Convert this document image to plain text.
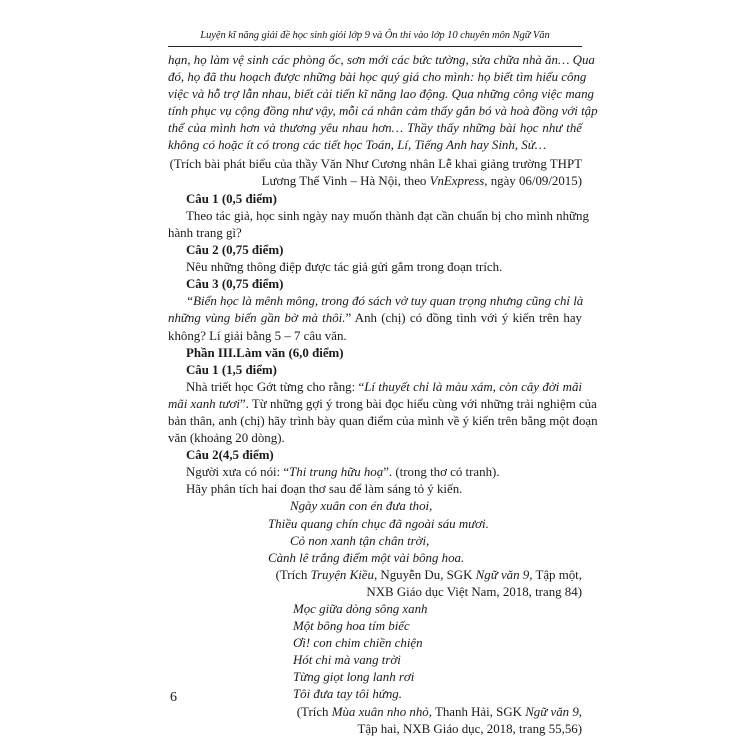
Luyện kĩ năng giải đề học sinh giỏi lớp 9 và Ôn thi vào lớp 10 chuyên môn Ngữ Văn
hạn, họ làm vệ sinh các phòng ốc, sơn mới các bức tường, sửa chữa nhà ăn… Qua
đó, họ đã thu hoạch được những bài học quý giá cho mình: họ biết tìm hiểu công
việc và hỗ trợ lẫn nhau, biết cải tiến kĩ năng lao động. Qua những công việc mang
tính phục vụ cộng đồng như vậy, mỗi cá nhân cảm thấy gắn bó và hoà đồng với tập
thể của mình hơn và thương yêu nhau hơn… Thầy thấy những bài học như thế
không có hoặc ít có trong các tiết học Toán, Lí, Tiếng Anh hay Sinh, Sử…
(Trích bài phát biểu của thầy Văn Như Cương nhân Lễ khai giảng trường THPT
Lương Thế Vinh – Hà Nội, theo VnExpress, ngày 06/09/2015)
Câu 1 (0,5 điểm)
Theo tác giả, học sinh ngày nay muốn thành đạt cần chuẩn bị cho mình những
hành trang gì?
Câu 2 (0,75 điểm)
Nêu những thông điệp được tác giả gửi gắm trong đoạn trích.
Câu 3 (0,75 điểm)
“Biển học là mênh mông, trong đó sách vở tuy quan trọng nhưng cũng chỉ là
những vùng biển gần bờ mà thôi.” Anh (chị) có đồng tình với ý kiến trên hay
không? Lí giải bằng 5 – 7 câu văn.
Phần III.Làm văn (6,0 điểm)
Câu 1 (1,5 điểm)
Nhà triết học Gớt từng cho rằng: “Lí thuyết chỉ là màu xám, còn cây đời mãi
mãi xanh tươi”. Từ những gợi ý trong bài đọc hiểu cùng với những trải nghiệm của
bản thân, anh (chị) hãy trình bày quan điểm của mình về ý kiến trên bằng một đoạn
văn (khoảng 20 dòng).
Câu 2(4,5 điểm)
Người xưa có nói: “Thi trung hữu hoạ”. (trong thơ có tranh).
Hãy phân tích hai đoạn thơ sau để làm sáng tỏ ý kiến.
Ngày xuân con én đưa thoi,
Thiều quang chín chục đã ngoài sáu mươi.
Cỏ non xanh tận chân trời,
Cành lê trắng điểm một vài bông hoa.
(Trích Truyện Kiều, Nguyễn Du, SGK Ngữ văn 9, Tập một,
NXB Giáo dục Việt Nam, 2018, trang 84)
Mọc giữa dòng sông xanh
Một bông hoa tím biếc
Ơi! con chim chiền chiện
Hót chi mà vang trời
Từng giọt long lanh rơi
Tôi đưa tay tôi hứng.
(Trích Mùa xuân nho nhỏ, Thanh Hải, SGK Ngữ văn 9,
Tập hai, NXB Giáo dục, 2018, trang 55,56)
6
